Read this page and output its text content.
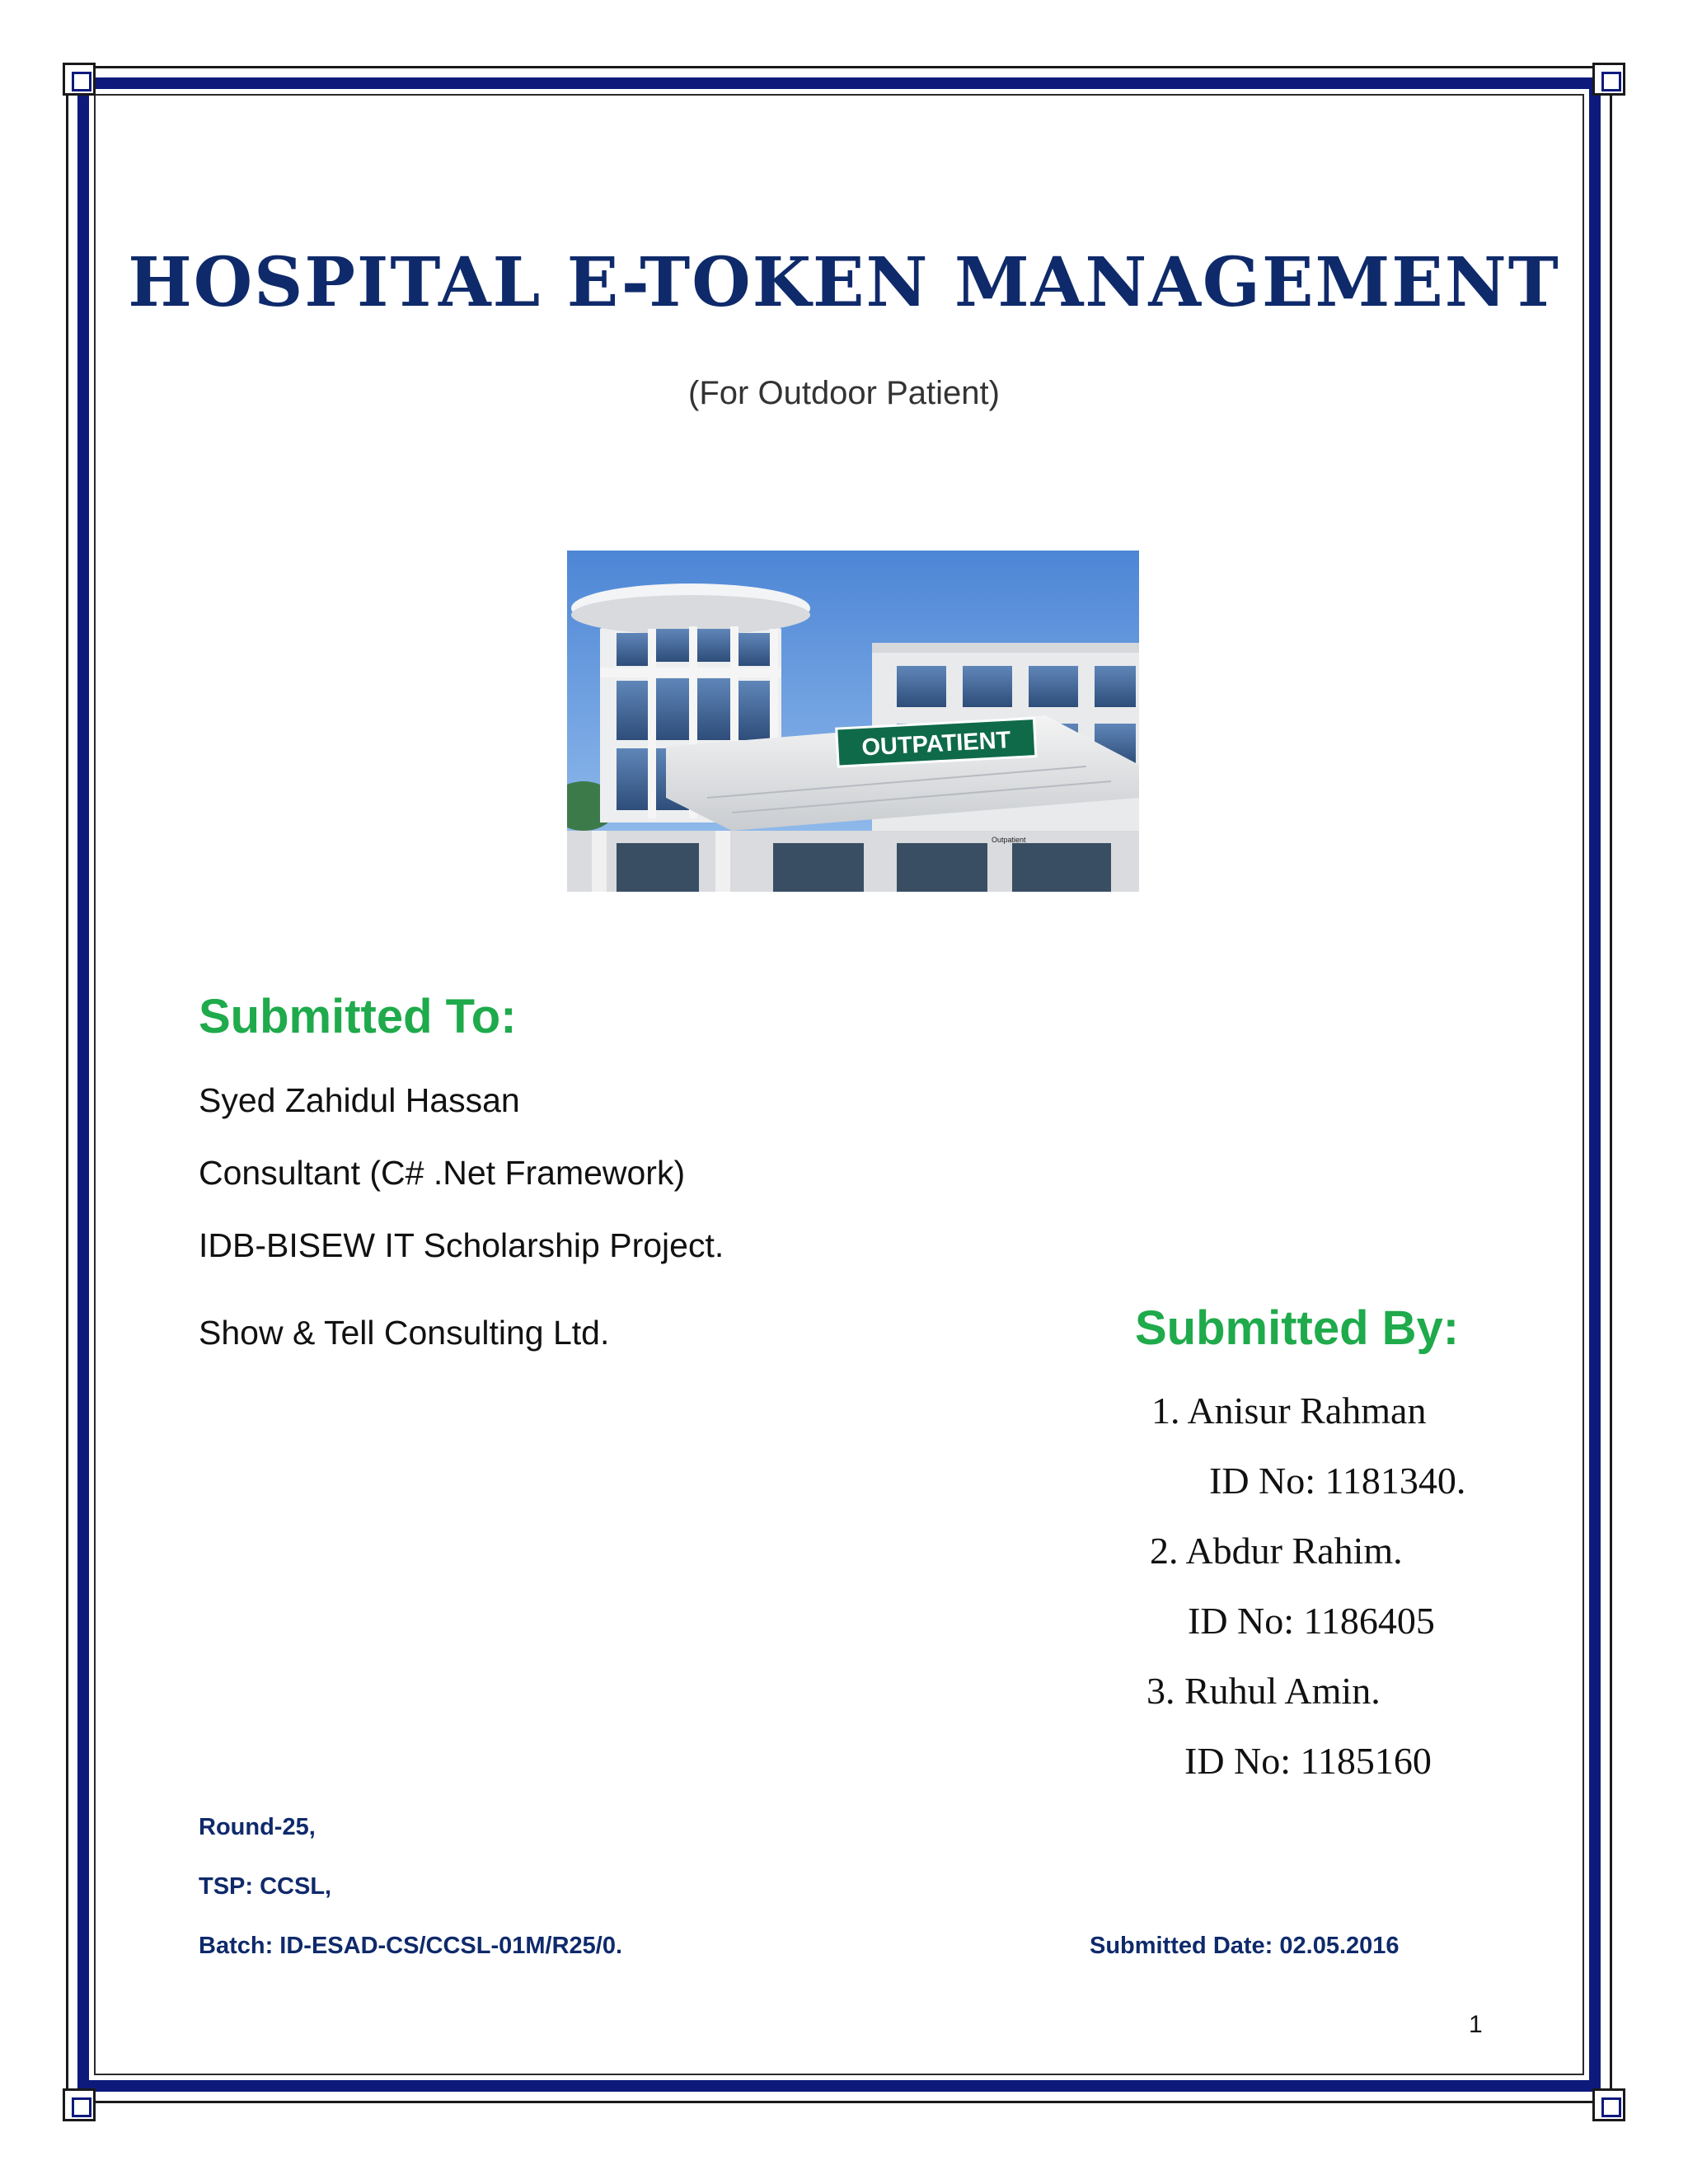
HOSPITAL E-TOKEN MANAGEMENT
(For Outdoor Patient)
OUTPATIENT
Outpatient
Submitted To:
Syed Zahidul Hassan
Consultant (C# .Net Framework)
IDB-BISEW IT Scholarship Project.
Show & Tell Consulting Ltd.	Submitted By:
1. Anisur Rahman
ID No: 1181340.
2. Abdur Rahim.
ID No: 1186405
3. Ruhul Amin.
ID No: 1185160
Round-25,
TSP: CCSL,
Batch: ID-ESAD-CS/CCSL-01M/R25/0.	Submitted Date: 02.05.2016
1
